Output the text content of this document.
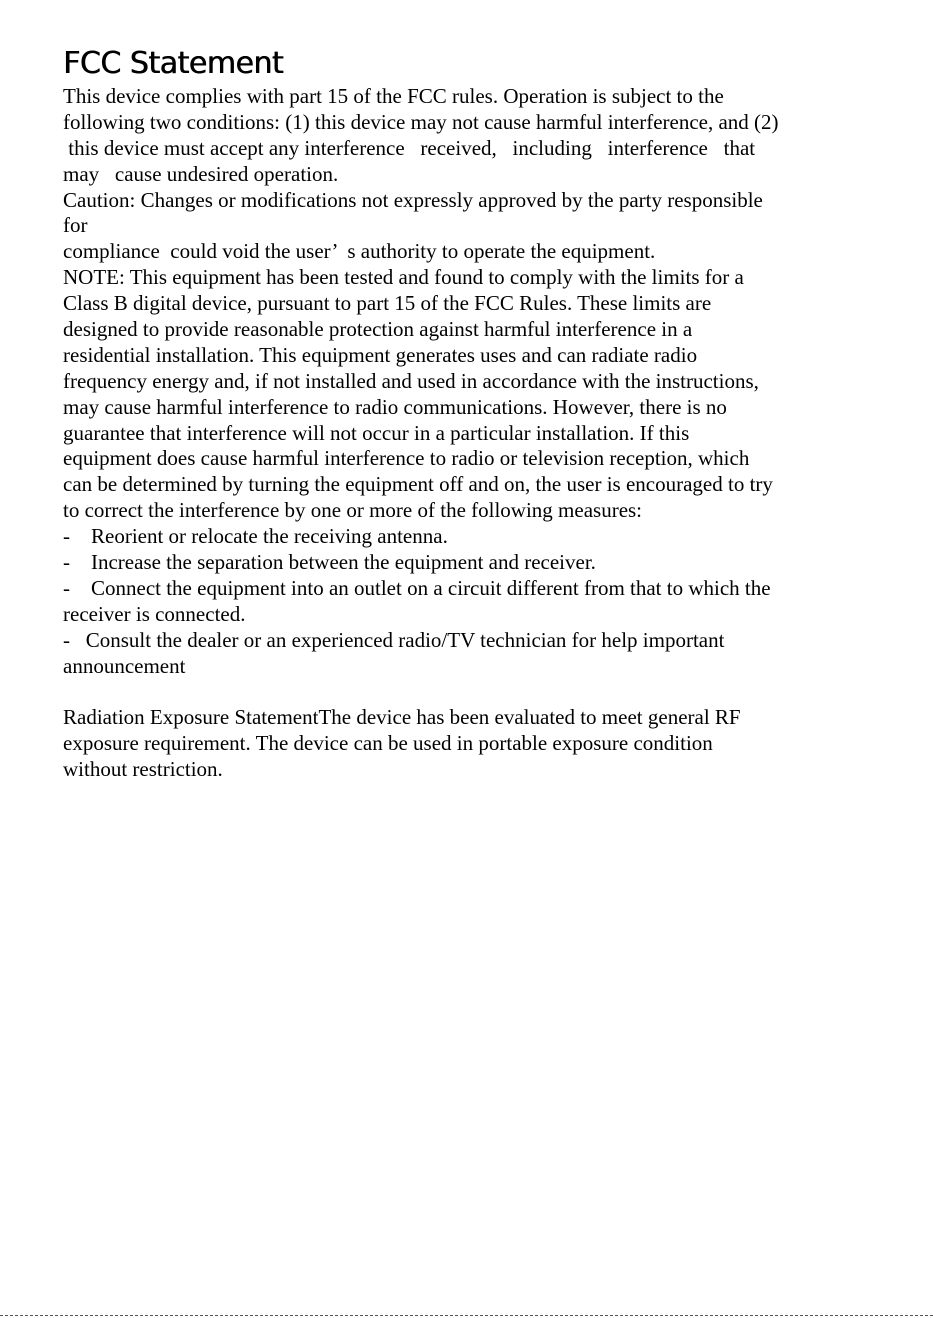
FCC Statement

This device complies with part 15 of the FCC rules. Operation is subject to the

following two conditions: (1) this device may not cause harmful interference, and (2)

this device must accept any interference   received,   including   interference   that

may   cause undesired operation.

Caution: Changes or modifications not expressly approved by the party responsible

for

compliance  could void the user’  s authority to operate the equipment.

NOTE: This equipment has been tested and found to comply with the limits for a

Class B digital device, pursuant to part 15 of the FCC Rules. These limits are

designed to provide reasonable protection against harmful interference in a

residential installation. This equipment generates uses and can radiate radio

frequency energy and, if not installed and used in accordance with the instructions,

may cause harmful interference to radio communications. However, there is no

guarantee that interference will not occur in a particular installation. If this

equipment does cause harmful interference to radio or television reception, which

can be determined by turning the equipment off and on, the user is encouraged to try

to correct the interference by one or more of the following measures:

-    Reorient or relocate the receiving antenna.

-    Increase the separation between the equipment and receiver.

-    Connect the equipment into an outlet on a circuit different from that to which the

receiver is connected.

-   Consult the dealer or an experienced radio/TV technician for help important

announcement

Radiation Exposure StatementThe device has been evaluated to meet general RF

exposure requirement. The device can be used in portable exposure condition

without restriction.
